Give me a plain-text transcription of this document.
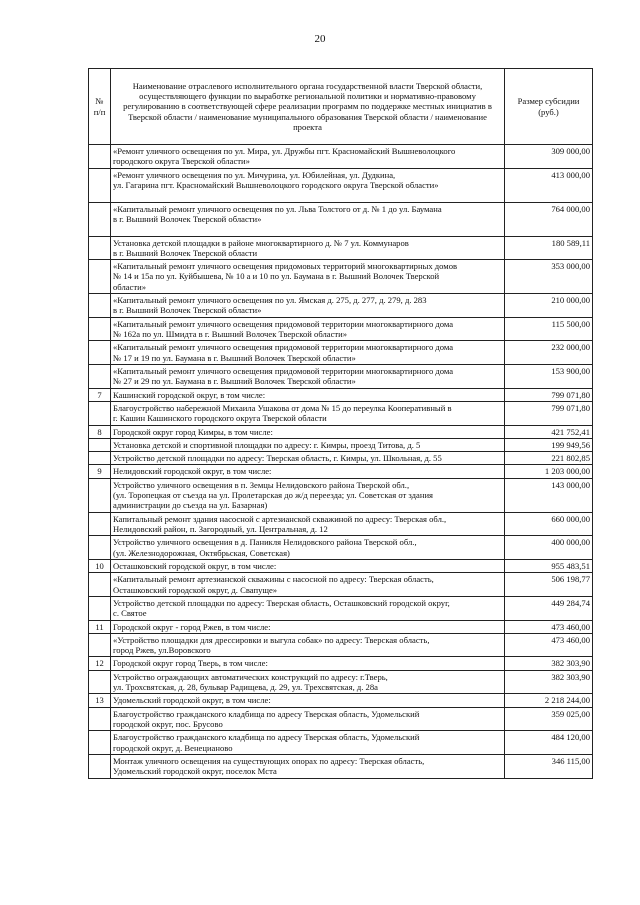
20
№ п/п	Наименование отраслевого исполнительного органа государственной власти Тверской области, осуществляющего функции по выработке региональной политики и нормативно-правовому регулированию в соответствующей сфере реализации программ по поддержке местных инициатив в Тверской области / наименование муниципального образования Тверской области / наименование проекта	Размер субсидии (руб.)

	«Ремонт уличного освещения по ул. Мира, ул. Дружбы пгт. Красномайский Вышневолоцкого
городского округа Тверской области»	309 000,00

	«Ремонт уличного освещения по ул. Мичурина, ул. Юбилейная, ул. Дудкина,
ул. Гагарина пгт. Красномайский Вышневолоцкого городского округа Тверской области»	413 000,00

	«Капитальный ремонт уличного освещения по ул. Льва Толстого от д. № 1 до ул. Баумана
в г. Вышний Волочек Тверской области»	764 000,00

	Установка детской площадки в районе многоквартирного д. № 7 ул. Коммунаров
в г. Вышний Волочек Тверской области	180 589,11

	«Капитальный ремонт уличного освещения придомовых территорий многоквартирных домов
№ 14 и 15а по ул. Куйбышева, № 10 а и 10 по ул. Баумана в г. Вышний Волочек Тверской
области»	353 000,00

	«Капитальный ремонт уличного освещения по ул. Ямская д. 275, д. 277, д. 279, д. 283
в г. Вышний Волочек Тверской области»	210 000,00

	«Капитальный ремонт уличного освещения придомовой территории многоквартирного дома
№ 162а по ул. Шмидта в г. Вышний Волочек Тверской области»	115 500,00

	«Капитальный ремонт уличного освещения придомовой территории многоквартирного дома
№ 17 и 19 по ул. Баумана в г. Вышний Волочек Тверской области»	232 000,00

	«Капитальный ремонт уличного освещения придомовой территории многоквартирного дома
№ 27 и 29 по ул. Баумана в г. Вышний Волочек Тверской области»	153 900,00
7	Кашинский городской округ, в том числе:	799 071,80

	Благоустройство набережной Михаила Ушакова от дома № 15 до переулка Кооперативный в
г. Кашин Кашинского городского округа Тверской области	799 071,80
8	Городской округ город Кимры, в том числе:	421 752,41

	Установка детской и спортивной площадки по адресу: г. Кимры, проезд Титова, д. 5	199 949,56

	Устройство детской площадки по адресу: Тверская область, г. Кимры, ул. Школьная, д. 55	221 802,85
9	Нелидовский городской округ, в том числе:	1 203 000,00

	Устройство уличного освещения в п. Земцы Нелидовского района Тверской обл.,
(ул. Торопецкая от съезда на ул. Пролетарская до ж/д переезда; ул. Советская от здания
администрации до съезда на ул. Базарная)	143 000,00

	Капитальный ремонт здания насосной с артезианской скважиной по адресу: Тверская обл.,
Нелидовский район, п. Загородный, ул. Центральная, д. 12	660 000,00

	Устройство уличного освещения в д. Паникля Нелидовского района Тверской обл.,
(ул. Железнодорожная, Октябрьская, Советская)	400 000,00
10	Осташковский городской округ, в том числе:	955 483,51

	«Капитальный ремонт артезианской скважины с насосной по адресу: Тверская область,
Осташковский городской округ, д. Свапуще»	506 198,77

	Устройство детской площадки по адресу: Тверская область, Осташковский городской округ,
с. Святое	449 284,74
11	Городской округ - город Ржев, в том числе:	473 460,00

	«Устройство площадки для дрессировки и выгула собак» по адресу: Тверская область,
город Ржев, ул.Воровского	473 460,00
12	Городской округ город Тверь, в том числе:	382 303,90

	Устройство ограждающих автоматических конструкций по адресу: г.Тверь,
ул. Трохсвятская, д. 28, бульвар Радищева, д. 29, ул. Трехсвятская, д. 28а	382 303,90
13	Удомельский городской округ, в том числе:	2 218 244,00

	Благоустройство гражданского кладбища по адресу Тверская область, Удомельский
городской округ, пос. Брусово	359 025,00

	Благоустройство гражданского кладбища по адресу Тверская область, Удомельский
городской округ, д. Венецианово	484 120,00

	Монтаж уличного освещения на существующих опорах по адресу: Тверская область,
Удомельский городской округ, поселок Мста	346 115,00
